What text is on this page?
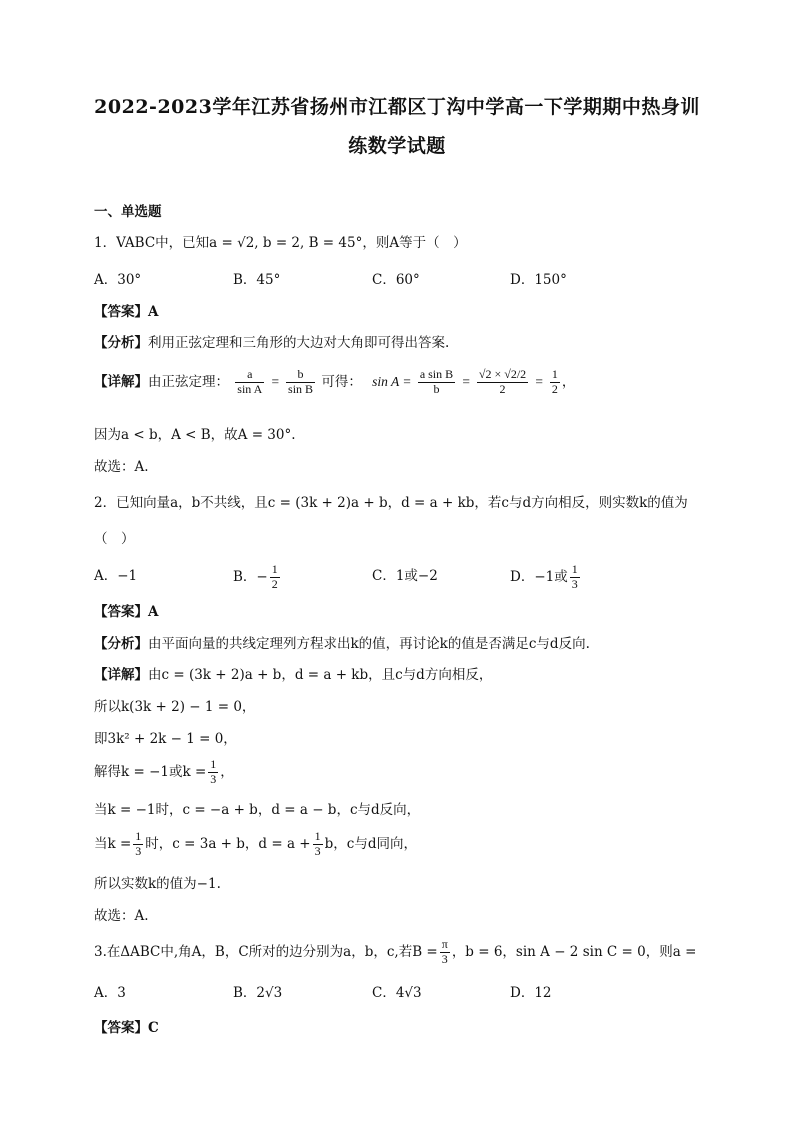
2022-2023学年江苏省扬州市江都区丁沟中学高一下学期期中热身训
练数学试题
一、单选题
1．VABC中，已知a = √2, b = 2, B = 45°，则A等于（　）
A．30°	B．45°	C．60°	D．150°
【答案】A
【分析】利用正弦定理和三角形的大边对大角即可得出答案.
【详解】由正弦定理： $\frac{a}{\text{sin A}} = \frac{b}{\text{sin B}}$ 可得： $\sin A = \frac{\text{a sin B}}{b} = \frac{√2 \times √2/2}{2} = \frac{1}{2}$ ，
因为a < b，A < B，故A = 30°.
故选：A.
2．已知向量a，b不共线，且c = (3k + 2)a + b，d = a + kb，若c与d方向相反，则实数k的值为
（　）
A．−1	B．− $\frac{1}{2}$	C．1或−2	D．−1或 $\frac{1}{3}$
【答案】A
【分析】由平面向量的共线定理列方程求出k的值，再讨论k的值是否满足c与d反向.
【详解】由c = (3k + 2)a + b，d = a + kb，且c与d方向相反，
所以k(3k + 2) − 1 = 0，
即3k² + 2k − 1 = 0，
解得k = −1或$k = \frac{1}{3}$ ，
当k = −1时，c = −a + b，d = a − b，c与d反向，
当$k = \frac{1}{3}$ 时，c = 3a + b，$d = a + \frac{1}{3}$ b，c与d同向，
所以实数k的值为−1.
故选：A.
3.在ΔABC中,角A，B，C所对的边分别为a，b，c,若$B = \frac{\pi}{3}$ ，b = 6，sin A − 2 sin C = 0，则a =
A．3	B．2√3	C．4√3	D．12
【答案】C
